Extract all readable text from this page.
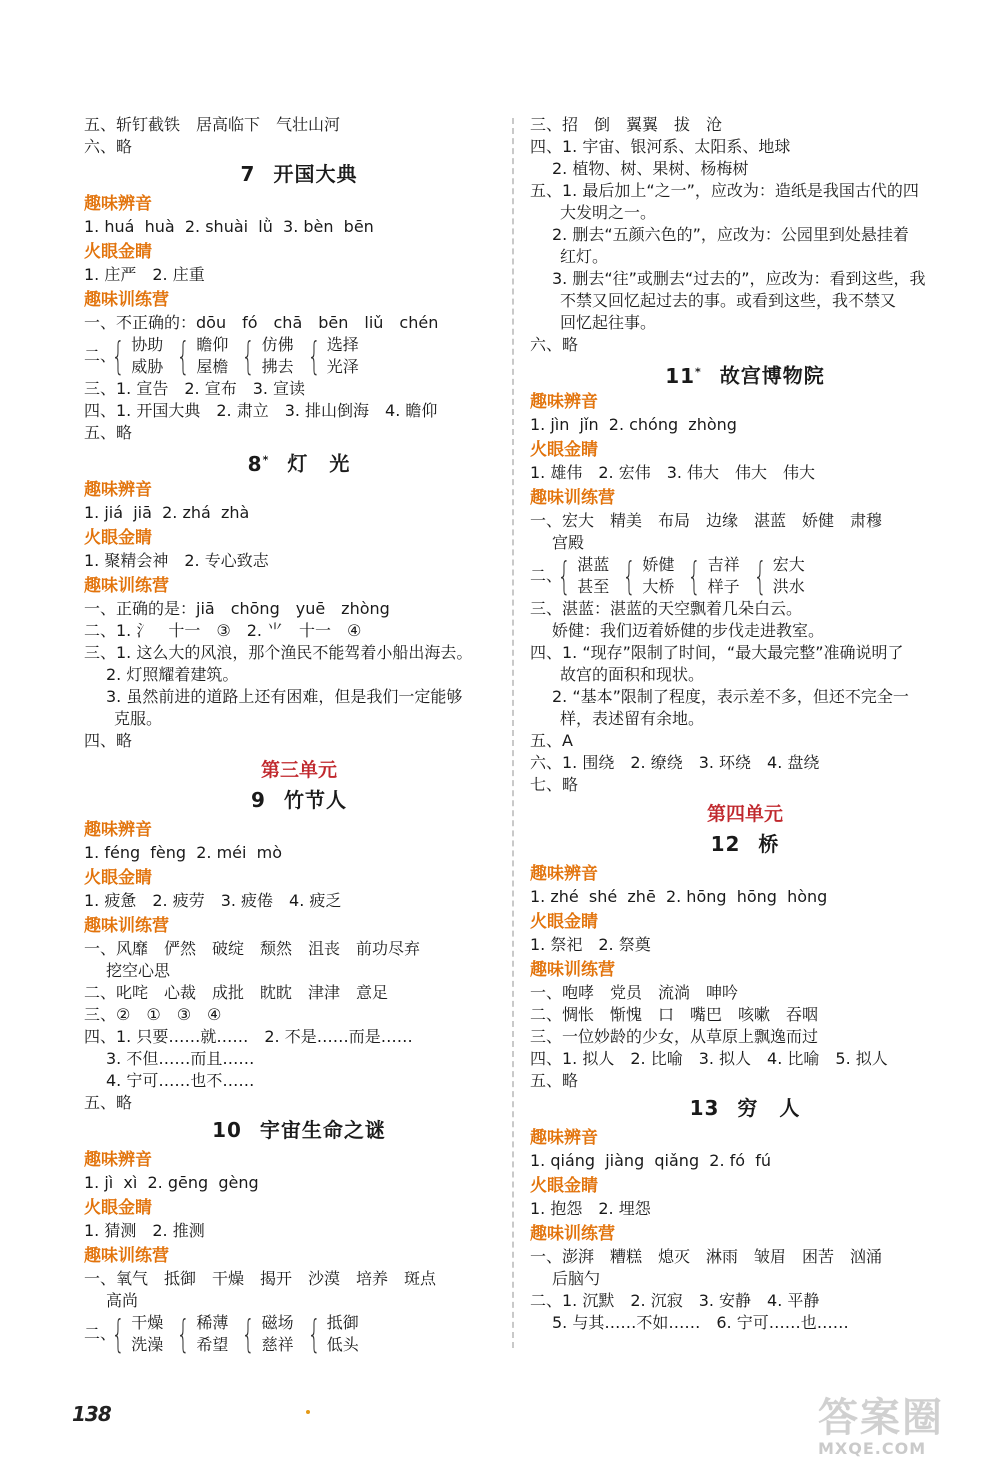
五、斩钉截铁　居高临下　气壮山河
六、略
7 开国大典
趣味辨音
1. huá  huà  2. shuài  lǜ  3. bèn  bēn
火眼金睛
1. 庄严　2. 庄重
趣味训练营
一、不正确的：dōu　fó　chā　bēn　liǔ　chén
二、
{ 协助
威胁 { 瞻仰
屋檐 { 仿佛
拂去 { 选择
光泽
三、1. 宣告　2. 宣布　3. 宣读
四、1. 开国大典　2. 肃立　3. 排山倒海　4. 瞻仰
五、略
8* 灯　光
趣味辨音
1. jiá  jiā  2. zhá  zhà
火眼金睛
1. 聚精会神　2. 专心致志
趣味训练营
一、正确的是：jiā　chōng　yuē　zhòng
二、1. 氵　十一　③　2. ⺌　十一　④
三、1. 这么大的风浪，那个渔民不能驾着小船出海去。
2. 灯照耀着建筑。
3. 虽然前进的道路上还有困难，但是我们一定能够
克服。
四、略
第三单元
9 竹节人
趣味辨音
1. féng  fèng  2. méi  mò
火眼金睛
1. 疲惫　2. 疲劳　3. 疲倦　4. 疲乏
趣味训练营
一、风靡　俨然　破绽　颓然　沮丧　前功尽弃
挖空心思
二、叱咤　心裁　成批　眈眈　津津　意足
三、②　①　③　④
四、1. 只要……就……　2. 不是……而是……
3. 不但……而且……
4. 宁可……也不……
五、略
10 宇宙生命之谜
趣味辨音
1. jì  xì  2. gēng  gèng
火眼金睛
1. 猜测　2. 推测
趣味训练营
一、氧气　抵御　干燥　揭开　沙漠　培养　斑点
高尚
二、
{ 干燥
洗澡 { 稀薄
希望 { 磁场
慈祥 { 抵御
低头
三、招　倒　翼翼　拔　沧
四、1. 宇宙、银河系、太阳系、地球
2. 植物、树、果树、杨梅树
五、1. 最后加上“之一”，应改为：造纸是我国古代的四
大发明之一。
2. 删去“五颜六色的”，应改为：公园里到处悬挂着
红灯。
3. 删去“往”或删去“过去的”，应改为：看到这些，我
不禁又回忆起过去的事。或看到这些，我不禁又
回忆起往事。
六、略
11* 故宫博物院
趣味辨音
1. jìn  jǐn  2. chóng  zhòng
火眼金睛
1. 雄伟　2. 宏伟　3. 伟大　伟大　伟大
趣味训练营
一、宏大　精美　布局　边缘　湛蓝　娇健　肃穆
宫殿
二、
{ 湛蓝
甚至 { 娇健
大桥 { 吉祥
样子 { 宏大
洪水
三、湛蓝：湛蓝的天空飘着几朵白云。
娇健：我们迈着娇健的步伐走进教室。
四、1. “现存”限制了时间，“最大最完整”准确说明了
故宫的面积和现状。
2. “基本”限制了程度，表示差不多，但还不完全一
样，表述留有余地。
五、A
六、1. 围绕　2. 缭绕　3. 环绕　4. 盘绕
七、略
第四单元
12 桥
趣味辨音
1. zhé  shé  zhē  2. hōng  hōng  hòng
火眼金睛
1. 祭祀　2. 祭奠
趣味训练营
一、咆哮　党员　流淌　呻吟
二、惆怅　惭愧　口　嘴巴　咳嗽　吞咽
三、一位妙龄的少女，从草原上飘逸而过
四、1. 拟人　2. 比喻　3. 拟人　4. 比喻　5. 拟人
五、略
13 穷　人
趣味辨音
1. qiáng  jiàng  qiǎng  2. fó  fú
火眼金睛
1. 抱怨　2. 埋怨
趣味训练营
一、澎湃　糟糕　熄灭　淋雨　皱眉　困苦　汹涌
后脑勺
二、1. 沉默　2. 沉寂　3. 安静　4. 平静
5. 与其……不如……　6. 宁可……也……
138	答案圈
MXQE.COM
